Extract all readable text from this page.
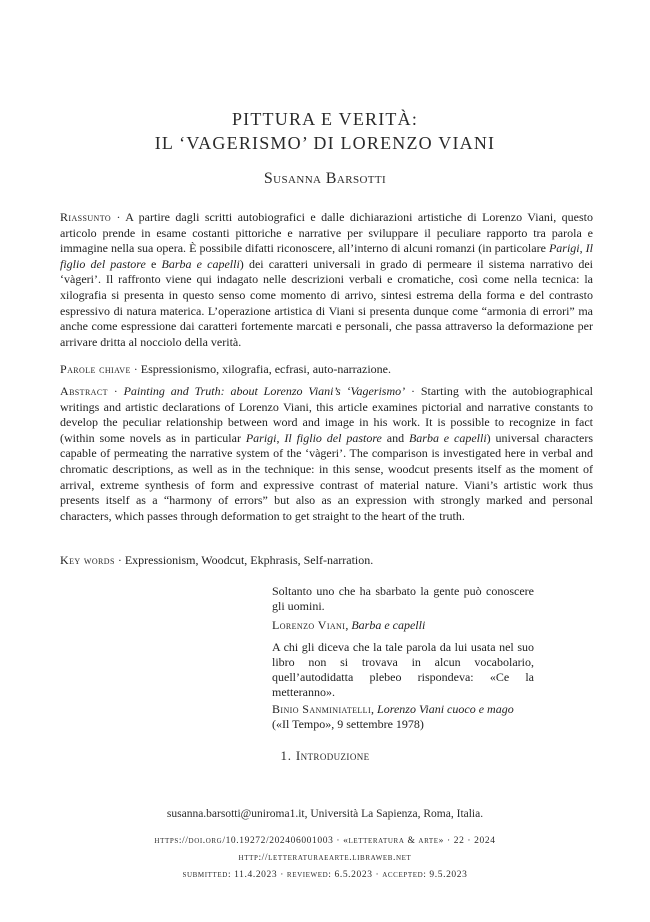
PITTURA E VERITÀ:
IL ‘VAGERISMO’ DI LORENZO VIANI
Susanna Barsotti
Riassunto · A partire dagli scritti autobiografici e dalle dichiarazioni artistiche di Lorenzo Viani, questo articolo prende in esame costanti pittoriche e narrative per sviluppare il peculiare rapporto tra parola e immagine nella sua opera. È possibile difatti riconoscere, all’interno di alcuni romanzi (in particolare Parigi, Il figlio del pastore e Barba e capelli) dei caratteri universali in grado di permeare il sistema narrativo dei ‘vàgeri’. Il raffronto viene qui indagato nelle descrizioni verbali e cromatiche, così come nella tecnica: la xilografia si presenta in questo senso come momento di arrivo, sintesi estrema della forma e del contrasto espressivo di natura materica. L’operazione artistica di Viani si presenta dunque come “armonia di errori” ma anche come espressione dai caratteri fortemente marcati e personali, che passa attraverso la deformazione per arrivare dritta al nocciolo della verità.
Parole chiave · Espressionismo, xilografia, ecfrasi, auto-narrazione.
Abstract · Painting and Truth: about Lorenzo Viani’s ‘Vagerismo’ · Starting with the autobiographical writings and artistic declarations of Lorenzo Viani, this article examines pictorial and narrative constants to develop the peculiar relationship between word and image in his work. It is possible to recognize in fact (within some novels as in particular Parigi, Il figlio del pastore and Barba e capelli) universal characters capable of permeating the narrative system of the ‘vàgeri’. The comparison is investigated here in verbal and chromatic descriptions, as well as in the technique: in this sense, woodcut presents itself as the moment of arrival, extreme synthesis of form and expressive contrast of material nature. Viani’s artistic work thus presents itself as a “harmony of errors” but also as an expression with strongly marked and personal characters, which passes through deformation to get straight to the heart of the truth.
Key words · Expressionism, Woodcut, Ekphrasis, Self-narration.
Soltanto uno che ha sbarbato la gente può conoscere gli uomini.
Lorenzo Viani, Barba e capelli
A chi gli diceva che la tale parola da lui usata nel suo libro non si trovava in alcun vocabolario, quell’autodidatta plebeo rispondeva: «Ce la metteranno».
Binio Sanminiatelli, Lorenzo Viani cuoco e mago
(«Il Tempo», 9 settembre 1978)
1. Introduzione
susanna.barsotti@uniroma1.it, Università La Sapienza, Roma, Italia.
https://doi.org/10.19272/202406001003 · «letteratura & arte» · 22 · 2024
http://letteraturaearte.libraweb.net
submitted: 11.4.2023 · reviewed: 6.5.2023 · accepted: 9.5.2023
